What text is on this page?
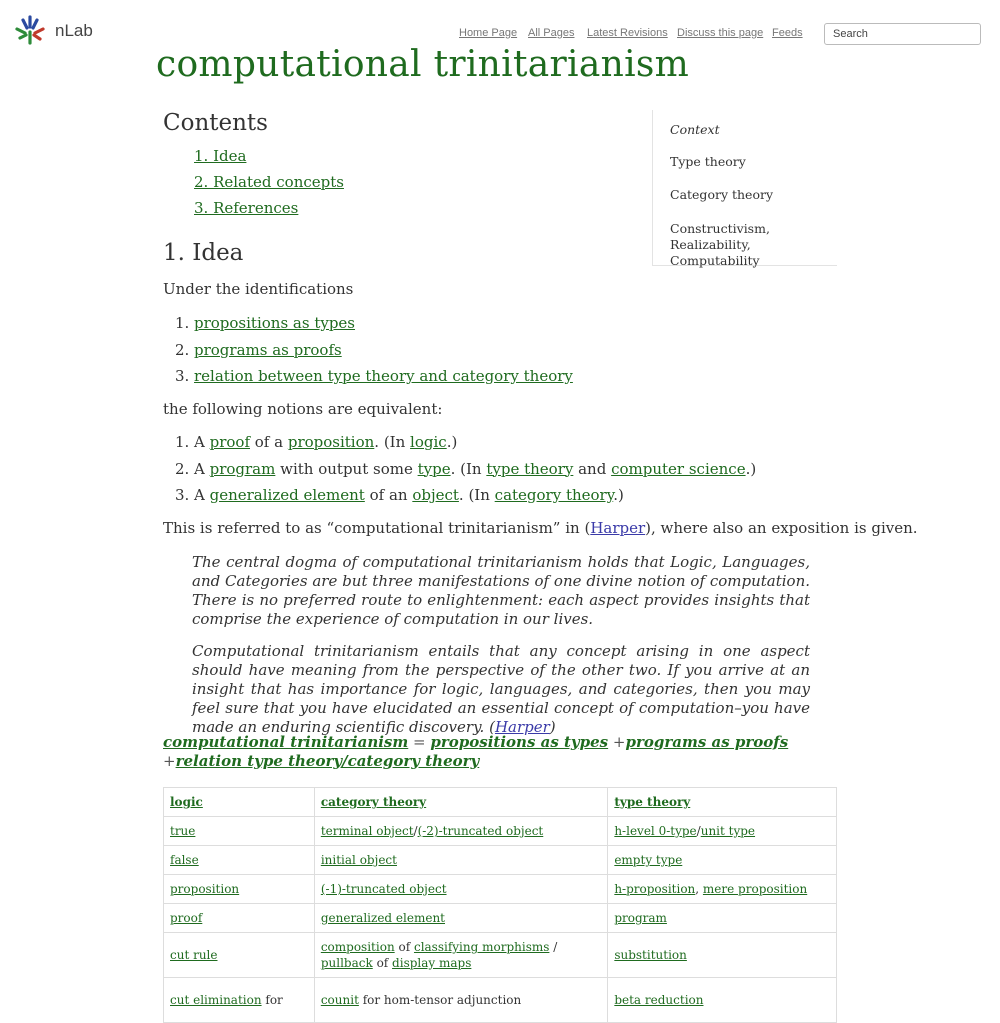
nLab	Home Page All Pages Latest Revisions Discuss this page Feeds
Search
computational trinitarianism

Context

Type theory

Category theory

Constructivism, Realizability, Computability

Contents
1. Idea
2. Related concepts
3. References
1. Idea

Under the identifications

1. propositions as types
2. programs as proofs
3. relation between type theory and category theory

the following notions are equivalent:

1. A proof of a proposition. (In logic.)
2. A program with output some type. (In type theory and computer science.)
3. A generalized element of an object. (In category theory.)

This is referred to as “computational trinitarianism” in (Harper), where also an exposition is given.

The central dogma of computational trinitarianism holds that Logic, Languages, and Categories are but three manifestations of one divine notion of computation. There is no preferred route to enlightenment: each aspect provides insights that comprise the experience of computation in our lives.

Computational trinitarianism entails that any concept arising in one aspect should have meaning from the perspective of the other two. If you arrive at an insight that has importance for logic, languages, and categories, then you may feel sure that you have elucidated an essential concept of computation–you have made an enduring scientific discovery. (Harper)

computational trinitarianism = propositions as types +programs as proofs +relation type theory/category theory

logic	category theory	type theory
true	terminal object/(-2)-truncated object	h-level 0-type/unit type
false	initial object	empty type
proposition	(-1)-truncated object	h-proposition, mere proposition
proof	generalized element	program
cut rule	composition of classifying morphisms / pullback of display maps	substitution
cut elimination for	counit for hom-tensor adjunction	beta reduction
